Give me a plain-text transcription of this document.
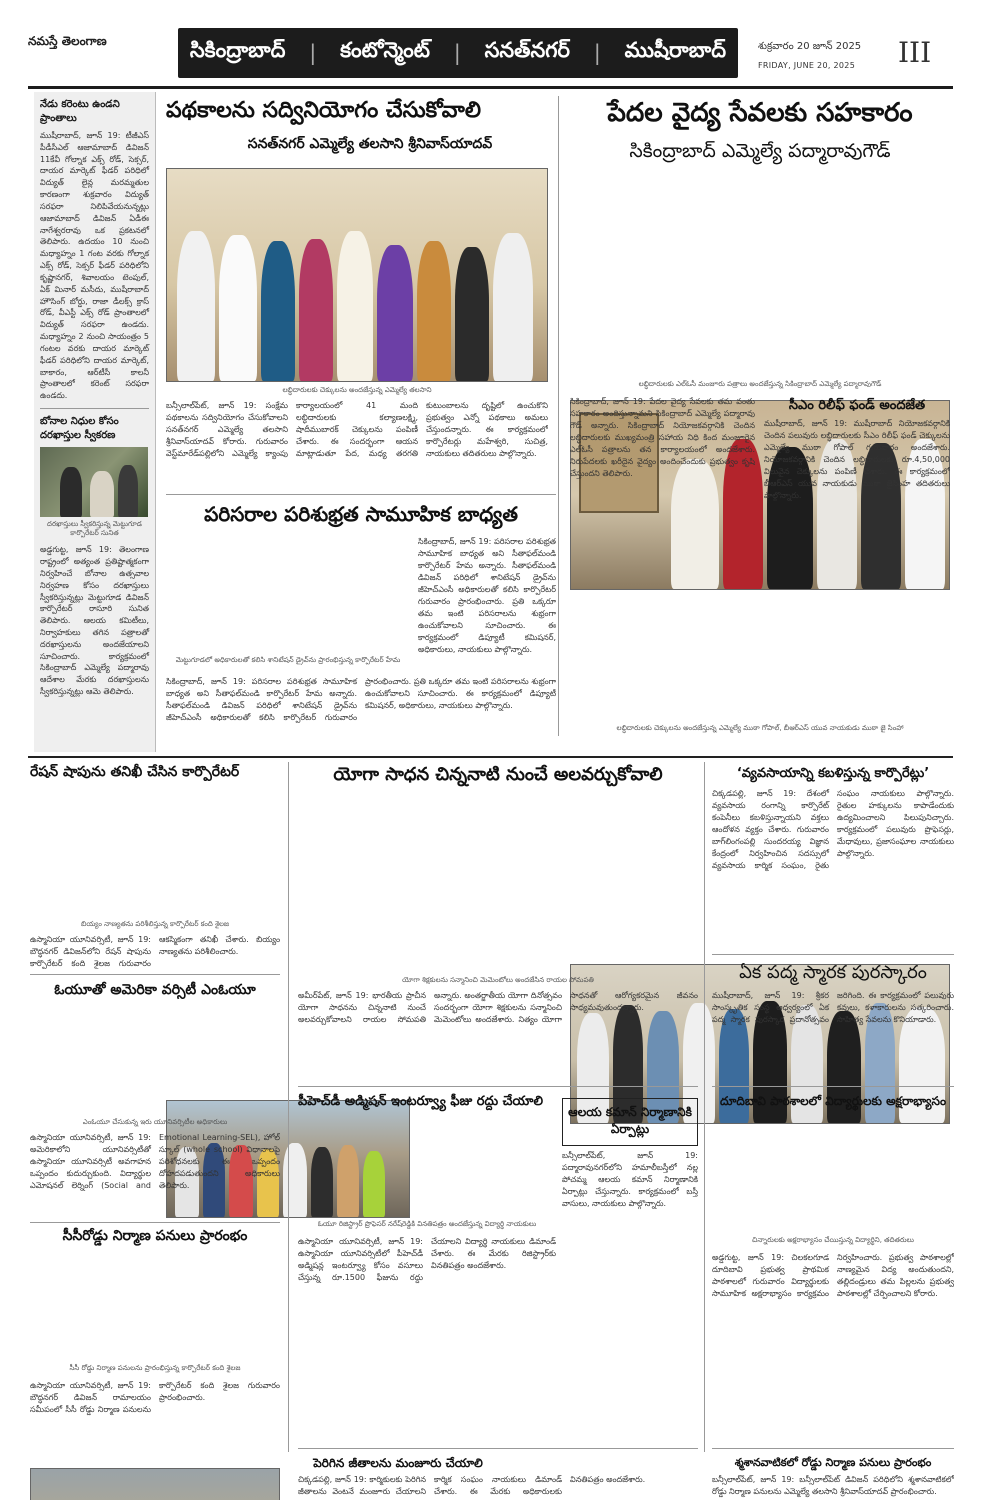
నమస్తే తెలంగాణ	సికింద్రాబాద్ | కంటోన్మెంట్ | సనత్‌నగర్ | ముషీరాబాద్	శుక్రవారం 20 జూన్ 2025
FRIDAY, JUNE 20, 2025 III
నేడు కరెంటు ఉండని ప్రాంతాలు
ముషీరాబాద్, జూన్ 19: టీజీఎస్ పీడీసీఎల్ ఆజామాబాద్ డివిజన్ 11కేవీ గోల్నాక ఎక్స్ రోడ్, సెక్సర్, దాయర మార్కెట్ ఫీడర్ పరిధిలో విద్యుత్ లైన్ల మరమ్మతుల కారణంగా శుక్రవారం విద్యుత్ సరఫరా నిలిపివేయనున్నట్లు ఆజామాబాద్ డివిజన్ ఏడీఈ నాగేశ్వరరావు ఒక ప్రకటనలో తెలిపారు. ఉదయం 10 నుంచి మధ్యాహ్నం 1 గంట వరకు గోల్నాక ఎక్స్ రోడ్, సెక్సర్ ఫీడర్ పరిధిలోని కృష్ణానగర్, శివాలయం టెంపుల్, ఏక్ మినార్ మసీదు, ముషీరాబాద్ హౌసింగ్ బోర్డు, రాజా డీలక్స్ క్రాస్ రోడ్, వీఎస్టీ ఎక్స్ రోడ్ ప్రాంతాలలో విద్యుత్ సరఫరా ఉండదు. మధ్యాహ్నం 2 నుంచి సాయంత్రం 5 గంటల వరకు దాయర మార్కెట్ ఫీడర్ పరిధిలోని దాయర మార్కెట్, బాకారం, ఆర్‌టీసీ కాలనీ ప్రాంతాలలో కరెంట్ సరఫరా ఉండదు.
బోనాల నిధుల కోసం దరఖాస్తుల స్వీకరణ
దరఖాస్తులు స్వీకరిస్తున్న మెట్టుగూడ కార్పొరేటర్ సునిత
అడ్డగుట్ట, జూన్ 19: తెలంగాణ రాష్ట్రంలో అత్యంత ప్రతిష్టాత్మకంగా నిర్వహించే బోనాల ఉత్సవాల నిర్వహణ కోసం దరఖాస్తులు స్వీకరిస్తున్నట్లు మెట్టుగూడ డివిజన్ కార్పొరేటర్ రాసూరి సునిత తెలిపారు. ఆలయ కమిటీలు, నిర్వాహకులు తగిన పత్రాలతో దరఖాస్తులను అందజేయాలని సూచించారు. కార్యక్రమంలో సికింద్రాబాద్ ఎమ్మెల్యే పద్మారావు ఆదేశాల మేరకు దరఖాస్తులను స్వీకరిస్తున్నట్లు ఆమె తెలిపారు.
పథకాలను సద్వినియోగం చేసుకోవాలి
సనత్‌నగర్ ఎమ్మెల్యే తలసాని శ్రీనివాస్‌యాదవ్
లబ్ధిదారులకు చెక్కులను అందజేస్తున్న ఎమ్మెల్యే తలసాని
బన్సీలాల్‌పేట్, జూన్ 19: సంక్షేమ పథకాలను సద్వినియోగం చేసుకోవాలని సనత్‌నగర్ ఎమ్మెల్యే తలసాని శ్రీనివాస్‌యాదవ్ కోరారు. గురువారం వెస్ట్‌మారేడ్‌పల్లిలోని ఎమ్మెల్యే క్యాంపు కార్యాలయంలో 41 మంది లబ్ధిదారులకు కల్యాణలక్ష్మి, షాదీముబారక్ చెక్కులను పంపిణీ చేశారు. ఈ సందర్భంగా ఆయన మాట్లాడుతూ పేద, మధ్య తరగతి కుటుంబాలను దృష్టిలో ఉంచుకొని ప్రభుత్వం ఎన్నో పథకాలు అమలు చేస్తుందన్నారు. ఈ కార్యక్రమంలో కార్పొరేటర్లు మహేశ్వరి, సుచిత్ర, నాయకులు తదితరులు పాల్గొన్నారు.
పేదల వైద్య సేవలకు సహకారం
సికింద్రాబాద్ ఎమ్మెల్యే పద్మారావుగౌడ్
లబ్ధిదారులకు ఎల్‌ఓసీ మంజూరు పత్రాలు అందజేస్తున్న సికింద్రాబాద్ ఎమ్మెల్యే పద్మారావుగౌడ్
సికింద్రాబాద్, జూన్ 19: పేదల వైద్య సేవలకు తమ వంతు సహకారం అందిస్తున్నామని సికింద్రాబాద్ ఎమ్మెల్యే పద్మారావు గౌడ్ అన్నారు. సికింద్రాబాద్ నియోజకవర్గానికి చెందిన లబ్ధిదారులకు ముఖ్యమంత్రి సహాయ నిధి కింద మంజూరైన ఎల్‌ఓసీ పత్రాలను తన కార్యాలయంలో అందజేశారు. నిరుపేదలకు ఖరీదైన వైద్యం అందించేందుకు ప్రభుత్వం కృషి చేస్తుందని తెలిపారు.
సీఎం రిలీఫ్ ఫండ్ అందజేత
ముషీరాబాద్, జూన్ 19: ముషీరాబాద్ నియోజకవర్గానికి చెందిన పలువురు లబ్ధిదారులకు సీఎం రిలీఫ్ ఫండ్ చెక్కులను ఎమ్మెల్యే ముఠా గోపాల్ గురువారం అందజేశారు. నియోజకవర్గానికి చెందిన లబ్ధిదారులకు రూ.4,50,000 విలువైన చెక్కులను పంపిణీ చేశారు. ఈ కార్యక్రమంలో బీఆర్‌ఎస్ యువ నాయకుడు ముఠా జైసింహ తదితరులు పాల్గొన్నారు.
లబ్ధిదారులకు చెక్కులను అందజేస్తున్న ఎమ్మెల్యే ముఠా గోపాల్, బీఆర్‌ఎస్ యువ నాయకుడు ముఠా జై సింహా
పరిసరాల పరిశుభ్రత సామూహిక బాధ్యత
మెట్టుగూడలో అధికారులతో కలిసి శానిటేషన్ డ్రైవ్‌ను ప్రారంభిస్తున్న కార్పొరేటర్ హేమ
సికింద్రాబాద్, జూన్ 19: పరిసరాల పరిశుభ్రత సామూహిక బాధ్యత అని సీతాఫల్‌మండి కార్పొరేటర్ హేమ అన్నారు. సీతాఫల్‌మండి డివిజన్ పరిధిలో శానిటేషన్ డ్రైవ్‌ను జీహెచ్‌ఎంసీ అధికారులతో కలిసి కార్పొరేటర్ గురువారం ప్రారంభించారు. ప్రతి ఒక్కరూ తమ ఇంటి పరిసరాలను శుభ్రంగా ఉంచుకోవాలని సూచించారు. ఈ కార్యక్రమంలో డిప్యూటీ కమిషనర్, అధికారులు, నాయకులు పాల్గొన్నారు.
సికింద్రాబాద్, జూన్ 19: పరిసరాల పరిశుభ్రత సామూహిక బాధ్యత అని సీతాఫల్‌మండి కార్పొరేటర్ హేమ అన్నారు. సీతాఫల్‌మండి డివిజన్ పరిధిలో శానిటేషన్ డ్రైవ్‌ను జీహెచ్‌ఎంసీ అధికారులతో కలిసి కార్పొరేటర్ గురువారం ప్రారంభించారు. ప్రతి ఒక్కరూ తమ ఇంటి పరిసరాలను శుభ్రంగా ఉంచుకోవాలని సూచించారు. ఈ కార్యక్రమంలో డిప్యూటీ కమిషనర్, అధికారులు, నాయకులు పాల్గొన్నారు.
రేషన్ షాపును తనిఖీ చేసిన కార్పొరేటర్
బియ్యం నాణ్యతను పరిశీలిస్తున్న కార్పొరేటర్ కంది శైలజ
ఉస్మానియా యూనివర్సిటీ, జూన్ 19: బౌద్ధనగర్ డివిజన్‌లోని రేషన్ షాపును కార్పొరేటర్ కంది శైలజ గురువారం ఆకస్మికంగా తనిఖీ చేశారు. బియ్యం నాణ్యతను పరిశీలించారు.
ఓయూతో అమెరికా వర్సిటీ ఎంఓయూ
ఎంఓయూ చేసుకున్న ఇరు యూనివర్సిటీల అధికారులు
ఉస్మానియా యూనివర్సిటీ, జూన్ 19: అమెరికాలోని యూనివర్సిటీతో ఉస్మానియా యూనివర్సిటీ అవగాహన ఒప్పందం కుదుర్చుకుంది. విద్యార్థుల ఎమోషనల్ లెర్నింగ్ (Social and Emotional Learning-SEL), హోల్ స్కూల్ (whole school) విధానాలపై పరిశోధనలకు ఈ ఒప్పందం దోహదపడుతుందని అధికారులు తెలిపారు.
సీసీరోడ్డు నిర్మాణ పనులు ప్రారంభం
సీసీ రోడ్డు నిర్మాణ పనులను ప్రారంభిస్తున్న కార్పొరేటర్ కంది శైలజ
ఉస్మానియా యూనివర్సిటీ, జూన్ 19: బౌద్ధనగర్ డివిజన్ రామాలయం సమీపంలో సీసీ రోడ్డు నిర్మాణ పనులను కార్పొరేటర్ కంది శైలజ గురువారం ప్రారంభించారు.
యోగా సాధన చిన్ననాటి నుంచే అలవర్చుకోవాలి
యోగా శిక్షకులను సన్మానించి మెమెంటోలు అందజేసిన రాయల సోమపతి
అమీర్‌పేట్, జూన్ 19: భారతీయ ప్రాచీన యోగా సాధనను చిన్ననాటి నుంచే అలవర్చుకోవాలని రాయల సోమపతి అన్నారు. అంతర్జాతీయ యోగా దినోత్సవం సందర్భంగా యోగా శిక్షకులను సన్మానించి మెమెంటోలు అందజేశారు. నిత్యం యోగా సాధనతో ఆరోగ్యకరమైన జీవనం సాధ్యమవుతుందన్నారు.
పీహెచ్‌డీ అడ్మిషన్ ఇంటర్వ్యూ ఫీజు రద్దు చేయాలి
ఓయూ రిజిస్ట్రార్ ప్రొఫెసర్ నరేష్‌రెడ్డికి వినతిపత్రం అందజేస్తున్న విద్యార్థి నాయకులు
ఉస్మానియా యూనివర్సిటీ, జూన్ 19: ఉస్మానియా యూనివర్సిటీలో పీహెచ్‌డీ అడ్మిషన్ల ఇంటర్వ్యూ కోసం వసూలు చేస్తున్న రూ.1500 ఫీజును రద్దు చేయాలని విద్యార్థి నాయకులు డిమాండ్ చేశారు. ఈ మేరకు రిజిస్ట్రార్‌కు వినతిపత్రం అందజేశారు.
ఆలయ కమాన్ నిర్మాణానికి ఏర్పాట్లు
బన్సీలాల్‌పేట్, జూన్ 19: పద్మారావునగర్‌లోని హమాలీబస్తీలో నల్ల పోచమ్మ ఆలయ కమాన్ నిర్మాణానికి ఏర్పాట్లు చేస్తున్నారు. కార్యక్రమంలో బస్తీ వాసులు, నాయకులు పాల్గొన్నారు.
‘వ్యవసాయాన్ని కబళిస్తున్న కార్పొరేట్లు’
చిక్కడపల్లి, జూన్ 19: దేశంలో వ్యవసాయ రంగాన్ని కార్పొరేట్ కంపెనీలు కబళిస్తున్నాయని వక్తలు ఆందోళన వ్యక్తం చేశారు. గురువారం బాగ్‌లింగంపల్లి సుందరయ్య విజ్ఞాన కేంద్రంలో నిర్వహించిన సదస్సులో వ్యవసాయ కార్మిక సంఘం, రైతు సంఘం నాయకులు పాల్గొన్నారు. రైతుల హక్కులను కాపాడేందుకు ఉద్యమించాలని పిలుపునిచ్చారు. కార్యక్రమంలో పలువురు ప్రొఫెసర్లు, మేధావులు, ప్రజాసంఘాల నాయకులు పాల్గొన్నారు.
ఏక పద్మ స్మారక పురస్కారం
ముషీరాబాద్, జూన్ 19: శ్రీకర సాంస్కృతిక సంస్థ ఆధ్వర్యంలో ఏక పద్మ స్మారక పురస్కార ప్రదానోత్సవం జరిగింది. ఈ కార్యక్రమంలో పలువురు కవులు, కళాకారులను సత్కరించారు. సాహిత్య సేవలను కొనియాడారు.
దూదిబావి పాఠశాలలో విద్యార్థులకు అక్షరాభ్యాసం
చిన్నారులకు అక్షరాభ్యాసం చేయిస్తున్న విద్యార్థిని, తదితరులు
అడ్డగుట్ట, జూన్ 19: చిలకలగూడ దూదిబావి ప్రభుత్వ ప్రాథమిక పాఠశాలలో గురువారం విద్యార్థులకు సామూహిక అక్షరాభ్యాసం కార్యక్రమం నిర్వహించారు. ప్రభుత్వ పాఠశాలల్లో నాణ్యమైన విద్య అందుతుందని, తల్లిదండ్రులు తమ పిల్లలను ప్రభుత్వ పాఠశాలల్లో చేర్పించాలని కోరారు.
పెరిగిన జీతాలను మంజూరు చేయాలి
చిక్కడపల్లి, జూన్ 19: కార్మికులకు పెరిగిన జీతాలను వెంటనే మంజూరు చేయాలని కార్మిక సంఘం నాయకులు డిమాండ్ చేశారు. ఈ మేరకు అధికారులకు వినతిపత్రం అందజేశారు.
శ్మశానవాటికలో రోడ్డు నిర్మాణ పనులు ప్రారంభం
బన్సీలాల్‌పేట్, జూన్ 19: బన్సీలాల్‌పేట్ డివిజన్ పరిధిలోని శ్మశానవాటికలో రోడ్డు నిర్మాణ పనులను ఎమ్మెల్యే తలసాని శ్రీనివాస్‌యాదవ్ ప్రారంభించారు.
